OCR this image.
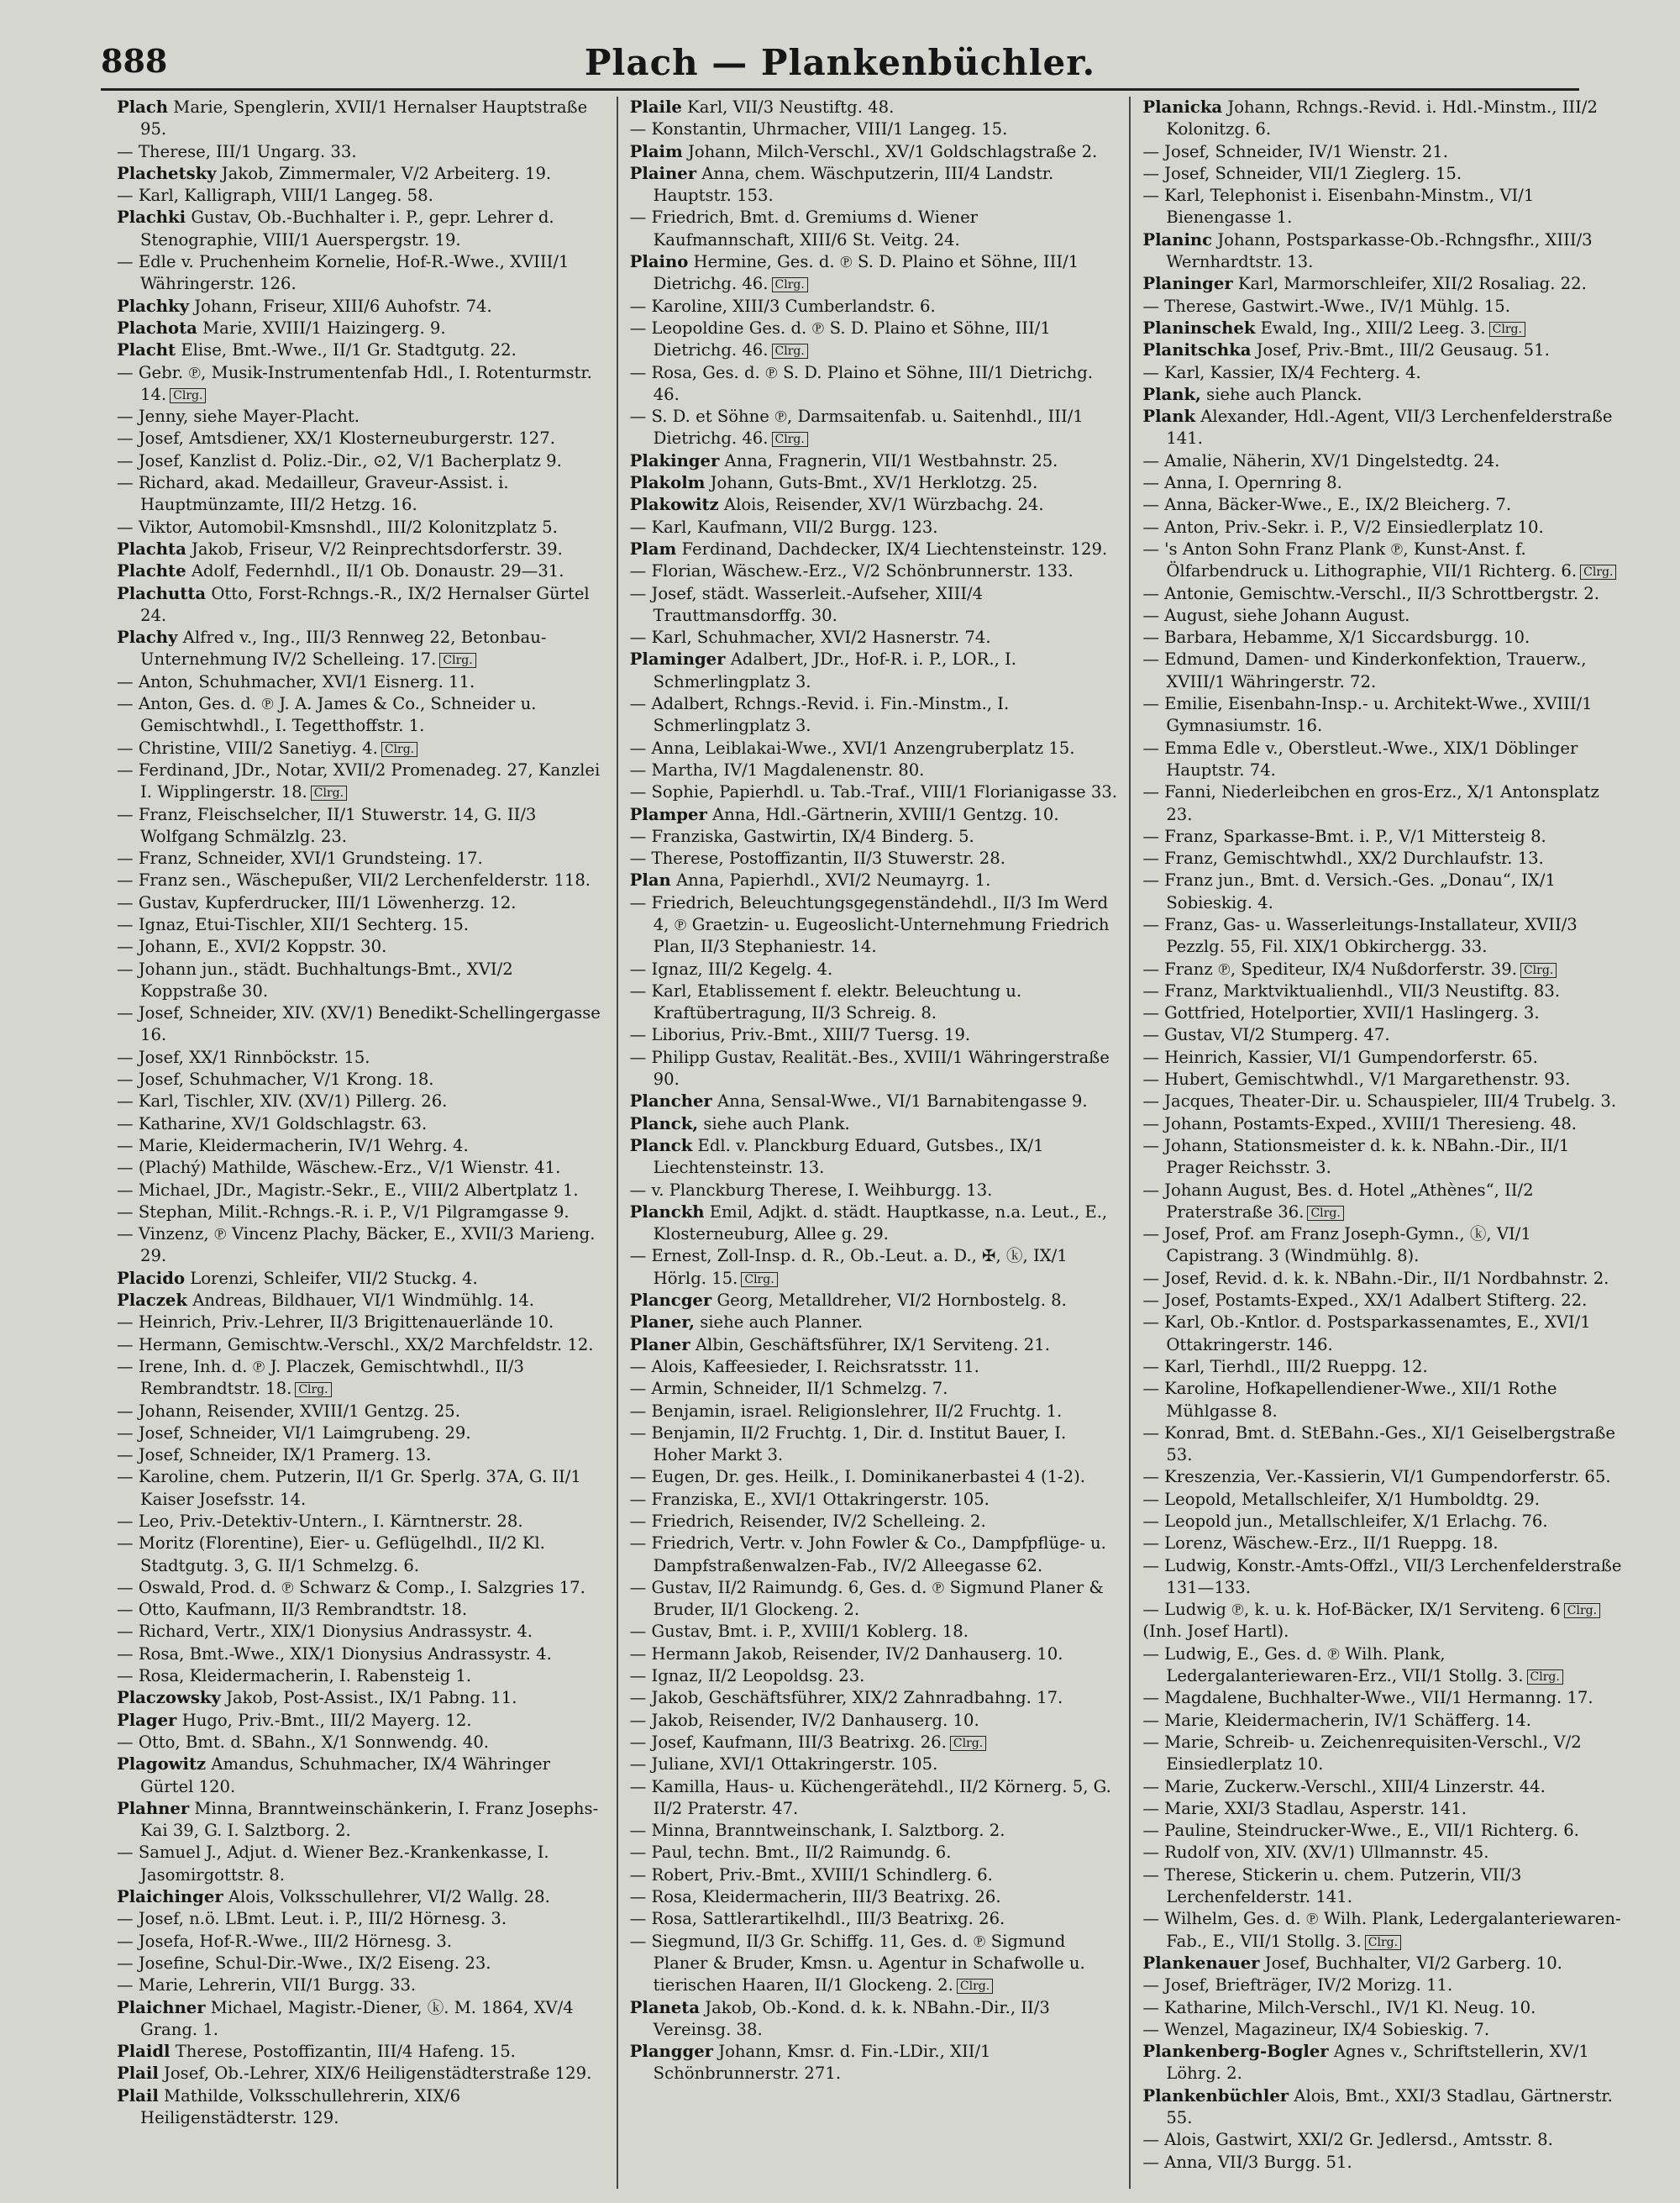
888	Plach — Plankenbüchler.

Plach Marie, Spenglerin, XVII/1 Hernalser Hauptstraße 95.

— Therese, III/1 Ungarg. 33.

Plachetsky Jakob, Zimmermaler, V/2 Arbeiterg. 19.

— Karl, Kalligraph, VIII/1 Langeg. 58.

Plachki Gustav, Ob.-Buchhalter i. P., gepr. Lehrer d. Stenographie, VIII/1 Auerspergstr. 19.

— Edle v. Pruchenheim Kornelie, Hof-R.-Wwe., XVIII/1 Währingerstr. 126.

Plachky Johann, Friseur, XIII/6 Auhofstr. 74.

Plachota Marie, XVIII/1 Haizingerg. 9.

Placht Elise, Bmt.-Wwe., II/1 Gr. Stadtgutg. 22.

— Gebr. ℗, Musik-Instrumentenfab Hdl., I. Rotenturmstr. 14. Clrg.

— Jenny, siehe Mayer-Placht.

— Josef, Amtsdiener, XX/1 Klosterneuburgerstr. 127.

— Josef, Kanzlist d. Poliz.-Dir., ⊙2, V/1 Bacherplatz 9.

— Richard, akad. Medailleur, Graveur-Assist. i. Hauptmünzamte, III/2 Hetzg. 16.

— Viktor, Automobil-Kmsnshdl., III/2 Kolonitzplatz 5.

Plachta Jakob, Friseur, V/2 Reinprechtsdorferstr. 39.

Plachte Adolf, Federnhdl., II/1 Ob. Donaustr. 29—31.

Plachutta Otto, Forst-Rchngs.-R., IX/2 Hernalser Gürtel 24.

Plachy Alfred v., Ing., III/3 Rennweg 22, Betonbau-Unternehmung IV/2 Schelleing. 17. Clrg.

— Anton, Schuhmacher, XVI/1 Eisnerg. 11.

— Anton, Ges. d. ℗ J. A. James & Co., Schneider u. Gemischtwhdl., I. Tegetthoffstr. 1.

— Christine, VIII/2 Sanetiyg. 4. Clrg.

— Ferdinand, JDr., Notar, XVII/2 Promenadeg. 27, Kanzlei I. Wipplingerstr. 18. Clrg.

— Franz, Fleischselcher, II/1 Stuwerstr. 14, G. II/3 Wolfgang Schmälzlg. 23.

— Franz, Schneider, XVI/1 Grundsteing. 17.

— Franz sen., Wäschepußer, VII/2 Lerchenfelderstr. 118.

— Gustav, Kupferdrucker, III/1 Löwenherzg. 12.

— Ignaz, Etui-Tischler, XII/1 Sechterg. 15.

— Johann, E., XVI/2 Koppstr. 30.

— Johann jun., städt. Buchhaltungs-Bmt., XVI/2 Koppstraße 30.

— Josef, Schneider, XIV. (XV/1) Benedikt-Schellingergasse 16.

— Josef, XX/1 Rinnböckstr. 15.

— Josef, Schuhmacher, V/1 Krong. 18.

— Karl, Tischler, XIV. (XV/1) Pillerg. 26.

— Katharine, XV/1 Goldschlagstr. 63.

— Marie, Kleidermacherin, IV/1 Wehrg. 4.

— (Plachý) Mathilde, Wäschew.-Erz., V/1 Wienstr. 41.

— Michael, JDr., Magistr.-Sekr., E., VIII/2 Albertplatz 1.

— Stephan, Milit.-Rchngs.-R. i. P., V/1 Pilgramgasse 9.

— Vinzenz, ℗ Vincenz Plachy, Bäcker, E., XVII/3 Marieng. 29.

Placido Lorenzi, Schleifer, VII/2 Stuckg. 4.

Placzek Andreas, Bildhauer, VI/1 Windmühlg. 14.

— Heinrich, Priv.-Lehrer, II/3 Brigittenauerlände 10.

— Hermann, Gemischtw.-Verschl., XX/2 Marchfeldstr. 12.

— Irene, Inh. d. ℗ J. Placzek, Gemischtwhdl., II/3 Rembrandtstr. 18. Clrg.

— Johann, Reisender, XVIII/1 Gentzg. 25.

— Josef, Schneider, VI/1 Laimgrubeng. 29.

— Josef, Schneider, IX/1 Pramerg. 13.

— Karoline, chem. Putzerin, II/1 Gr. Sperlg. 37A, G. II/1 Kaiser Josefsstr. 14.

— Leo, Priv.-Detektiv-Untern., I. Kärntnerstr. 28.

— Moritz (Florentine), Eier- u. Geflügelhdl., II/2 Kl. Stadtgutg. 3, G. II/1 Schmelzg. 6.

— Oswald, Prod. d. ℗ Schwarz & Comp., I. Salzgries 17.

— Otto, Kaufmann, II/3 Rembrandtstr. 18.

— Richard, Vertr., XIX/1 Dionysius Andrassystr. 4.

— Rosa, Bmt.-Wwe., XIX/1 Dionysius Andrassystr. 4.

— Rosa, Kleidermacherin, I. Rabensteig 1.

Placzowsky Jakob, Post-Assist., IX/1 Pabng. 11.

Plager Hugo, Priv.-Bmt., III/2 Mayerg. 12.

— Otto, Bmt. d. SBahn., X/1 Sonnwendg. 40.

Plagowitz Amandus, Schuhmacher, IX/4 Währinger Gürtel 120.

Plahner Minna, Branntweinschänkerin, I. Franz Josephs-Kai 39, G. I. Salztborg. 2.

— Samuel J., Adjut. d. Wiener Bez.-Krankenkasse, I. Jasomirgottstr. 8.

Plaichinger Alois, Volksschullehrer, VI/2 Wallg. 28.

— Josef, n.ö. LBmt. Leut. i. P., III/2 Hörnesg. 3.

— Josefa, Hof-R.-Wwe., III/2 Hörnesg. 3.

— Josefine, Schul-Dir.-Wwe., IX/2 Eiseng. 23.

— Marie, Lehrerin, VII/1 Burgg. 33.

Plaichner Michael, Magistr.-Diener, ⓚ. M. 1864, XV/4 Grang. 1.

Plaidl Therese, Postoffizantin, III/4 Hafeng. 15.

Plail Josef, Ob.-Lehrer, XIX/6 Heiligenstädterstraße 129.

Plail Mathilde, Volksschullehrerin, XIX/6 Heiligenstädterstr. 129.

Plaile Karl, VII/3 Neustiftg. 48.

— Konstantin, Uhrmacher, VIII/1 Langeg. 15.

Plaim Johann, Milch-Verschl., XV/1 Goldschlagstraße 2.

Plainer Anna, chem. Wäschputzerin, III/4 Landstr. Hauptstr. 153.

— Friedrich, Bmt. d. Gremiums d. Wiener Kaufmannschaft, XIII/6 St. Veitg. 24.

Plaino Hermine, Ges. d. ℗ S. D. Plaino et Söhne, III/1 Dietrichg. 46. Clrg.

— Karoline, XIII/3 Cumberlandstr. 6.

— Leopoldine Ges. d. ℗ S. D. Plaino et Söhne, III/1 Dietrichg. 46. Clrg.

— Rosa, Ges. d. ℗ S. D. Plaino et Söhne, III/1 Dietrichg. 46.

— S. D. et Söhne ℗, Darmsaitenfab. u. Saitenhdl., III/1 Dietrichg. 46. Clrg.

Plakinger Anna, Fragnerin, VII/1 Westbahnstr. 25.

Plakolm Johann, Guts-Bmt., XV/1 Herklotzg. 25.

Plakowitz Alois, Reisender, XV/1 Würzbachg. 24.

— Karl, Kaufmann, VII/2 Burgg. 123.

Plam Ferdinand, Dachdecker, IX/4 Liechtensteinstr. 129.

— Florian, Wäschew.-Erz., V/2 Schönbrunnerstr. 133.

— Josef, städt. Wasserleit.-Aufseher, XIII/4 Trauttmansdorffg. 30.

— Karl, Schuhmacher, XVI/2 Hasnerstr. 74.

Plaminger Adalbert, JDr., Hof-R. i. P., LOR., I. Schmerlingplatz 3.

— Adalbert, Rchngs.-Revid. i. Fin.-Minstm., I. Schmerlingplatz 3.

— Anna, Leiblakai-Wwe., XVI/1 Anzengruberplatz 15.

— Martha, IV/1 Magdalenenstr. 80.

— Sophie, Papierhdl. u. Tab.-Traf., VIII/1 Florianigasse 33.

Plamper Anna, Hdl.-Gärtnerin, XVIII/1 Gentzg. 10.

— Franziska, Gastwirtin, IX/4 Binderg. 5.

— Therese, Postoffizantin, II/3 Stuwerstr. 28.

Plan Anna, Papierhdl., XVI/2 Neumayrg. 1.

— Friedrich, Beleuchtungsgegenständehdl., II/3 Im Werd 4, ℗ Graetzin- u. Eugeoslicht-Unternehmung Friedrich Plan, II/3 Stephaniestr. 14.

— Ignaz, III/2 Kegelg. 4.

— Karl, Etablissement f. elektr. Beleuchtung u. Kraftübertragung, II/3 Schreig. 8.

— Liborius, Priv.-Bmt., XIII/7 Tuersg. 19.

— Philipp Gustav, Realität.-Bes., XVIII/1 Währingerstraße 90.

Plancher Anna, Sensal-Wwe., VI/1 Barnabitengasse 9.

Planck, siehe auch Plank.

Planck Edl. v. Planckburg Eduard, Gutsbes., IX/1 Liechtensteinstr. 13.

— v. Planckburg Therese, I. Weihburgg. 13.

Planckh Emil, Adjkt. d. städt. Hauptkasse, n.a. Leut., E., Klosterneuburg, Allee g. 29.

— Ernest, Zoll-Insp. d. R., Ob.-Leut. a. D., ✠, ⓚ, IX/1 Hörlg. 15. Clrg.

Plancger Georg, Metalldreher, VI/2 Hornbostelg. 8.

Planer, siehe auch Planner.

Planer Albin, Geschäftsführer, IX/1 Serviteng. 21.

— Alois, Kaffeesieder, I. Reichsratsstr. 11.

— Armin, Schneider, II/1 Schmelzg. 7.

— Benjamin, israel. Religionslehrer, II/2 Fruchtg. 1.

— Benjamin, II/2 Fruchtg. 1, Dir. d. Institut Bauer, I. Hoher Markt 3.

— Eugen, Dr. ges. Heilk., I. Dominikanerbastei 4 (1-2).

— Franziska, E., XVI/1 Ottakringerstr. 105.

— Friedrich, Reisender, IV/2 Schelleing. 2.

— Friedrich, Vertr. v. John Fowler & Co., Dampfpflüge- u. Dampfstraßenwalzen-Fab., IV/2 Alleegasse 62.

— Gustav, II/2 Raimundg. 6, Ges. d. ℗ Sigmund Planer & Bruder, II/1 Glockeng. 2.

— Gustav, Bmt. i. P., XVIII/1 Koblerg. 18.

— Hermann Jakob, Reisender, IV/2 Danhauserg. 10.

— Ignaz, II/2 Leopoldsg. 23.

— Jakob, Geschäftsführer, XIX/2 Zahnradbahng. 17.

— Jakob, Reisender, IV/2 Danhauserg. 10.

— Josef, Kaufmann, III/3 Beatrixg. 26. Clrg.

— Juliane, XVI/1 Ottakringerstr. 105.

— Kamilla, Haus- u. Küchengerätehdl., II/2 Körnerg. 5, G. II/2 Praterstr. 47.

— Minna, Branntweinschank, I. Salztborg. 2.

— Paul, techn. Bmt., II/2 Raimundg. 6.

— Robert, Priv.-Bmt., XVIII/1 Schindlerg. 6.

— Rosa, Kleidermacherin, III/3 Beatrixg. 26.

— Rosa, Sattlerartikelhdl., III/3 Beatrixg. 26.

— Siegmund, II/3 Gr. Schiffg. 11, Ges. d. ℗ Sigmund Planer & Bruder, Kmsn. u. Agentur in Schafwolle u. tierischen Haaren, II/1 Glockeng. 2. Clrg.

Planeta Jakob, Ob.-Kond. d. k. k. NBahn.-Dir., II/3 Vereinsg. 38.

Plangger Johann, Kmsr. d. Fin.-LDir., XII/1 Schönbrunnerstr. 271.

Planicka Johann, Rchngs.-Revid. i. Hdl.-Minstm., III/2 Kolonitzg. 6.

— Josef, Schneider, IV/1 Wienstr. 21.

— Josef, Schneider, VII/1 Zieglerg. 15.

— Karl, Telephonist i. Eisenbahn-Minstm., VI/1 Bienengasse 1.

Planinc Johann, Postsparkasse-Ob.-Rchngsfhr., XIII/3 Wernhardtstr. 13.

Planinger Karl, Marmorschleifer, XII/2 Rosaliag. 22.

— Therese, Gastwirt.-Wwe., IV/1 Mühlg. 15.

Planinschek Ewald, Ing., XIII/2 Leeg. 3. Clrg.

Planitschka Josef, Priv.-Bmt., III/2 Geusaug. 51.

— Karl, Kassier, IX/4 Fechterg. 4.

Plank, siehe auch Planck.

Plank Alexander, Hdl.-Agent, VII/3 Lerchenfelderstraße 141.

— Amalie, Näherin, XV/1 Dingelstedtg. 24.

— Anna, I. Opernring 8.

— Anna, Bäcker-Wwe., E., IX/2 Bleicherg. 7.

— Anton, Priv.-Sekr. i. P., V/2 Einsiedlerplatz 10.

— 's Anton Sohn Franz Plank ℗, Kunst-Anst. f. Ölfarbendruck u. Lithographie, VII/1 Richterg. 6. Clrg.

— Antonie, Gemischtw.-Verschl., II/3 Schrottbergstr. 2.

— August, siehe Johann August.

— Barbara, Hebamme, X/1 Siccardsburgg. 10.

— Edmund, Damen- und Kinderkonfektion, Trauerw., XVIII/1 Währingerstr. 72.

— Emilie, Eisenbahn-Insp.- u. Architekt-Wwe., XVIII/1 Gymnasiumstr. 16.

— Emma Edle v., Oberstleut.-Wwe., XIX/1 Döblinger Hauptstr. 74.

— Fanni, Niederleibchen en gros-Erz., X/1 Antonsplatz 23.

— Franz, Sparkasse-Bmt. i. P., V/1 Mittersteig 8.

— Franz, Gemischtwhdl., XX/2 Durchlaufstr. 13.

— Franz jun., Bmt. d. Versich.-Ges. „Donau“, IX/1 Sobieskig. 4.

— Franz, Gas- u. Wasserleitungs-Installateur, XVII/3 Pezzlg. 55, Fil. XIX/1 Obkirchergg. 33.

— Franz ℗, Spediteur, IX/4 Nußdorferstr. 39. Clrg.

— Franz, Marktviktualienhdl., VII/3 Neustiftg. 83.

— Gottfried, Hotelportier, XVII/1 Haslingerg. 3.

— Gustav, VI/2 Stumperg. 47.

— Heinrich, Kassier, VI/1 Gumpendorferstr. 65.

— Hubert, Gemischtwhdl., V/1 Margarethenstr. 93.

— Jacques, Theater-Dir. u. Schauspieler, III/4 Trubelg. 3.

— Johann, Postamts-Exped., XVIII/1 Theresieng. 48.

— Johann, Stationsmeister d. k. k. NBahn.-Dir., II/1 Prager Reichsstr. 3.

— Johann August, Bes. d. Hotel „Athènes“, II/2 Praterstraße 36. Clrg.

— Josef, Prof. am Franz Joseph-Gymn., ⓚ, VI/1 Capistrang. 3 (Windmühlg. 8).

— Josef, Revid. d. k. k. NBahn.-Dir., II/1 Nordbahnstr. 2.

— Josef, Postamts-Exped., XX/1 Adalbert Stifterg. 22.

— Karl, Ob.-Kntlor. d. Postsparkassenamtes, E., XVI/1 Ottakringerstr. 146.

— Karl, Tierhdl., III/2 Rueppg. 12.

— Karoline, Hofkapellendiener-Wwe., XII/1 Rothe Mühlgasse 8.

— Konrad, Bmt. d. StEBahn.-Ges., XI/1 Geiselbergstraße 53.

— Kreszenzia, Ver.-Kassierin, VI/1 Gumpendorferstr. 65.

— Leopold, Metallschleifer, X/1 Humboldtg. 29.

— Leopold jun., Metallschleifer, X/1 Erlachg. 76.

— Lorenz, Wäschew.-Erz., II/1 Rueppg. 18.

— Ludwig, Konstr.-Amts-Offzl., VII/3 Lerchenfelderstraße 131—133.

— Ludwig ℗, k. u. k. Hof-Bäcker, IX/1 Serviteng. 6 Clrg.

(Inh. Josef Hartl).

— Ludwig, E., Ges. d. ℗ Wilh. Plank, Ledergalanteriewaren-Erz., VII/1 Stollg. 3. Clrg.

— Magdalene, Buchhalter-Wwe., VII/1 Hermanng. 17.

— Marie, Kleidermacherin, IV/1 Schäfferg. 14.

— Marie, Schreib- u. Zeichenrequisiten-Verschl., V/2 Einsiedlerplatz 10.

— Marie, Zuckerw.-Verschl., XIII/4 Linzerstr. 44.

— Marie, XXI/3 Stadlau, Asperstr. 141.

— Pauline, Steindrucker-Wwe., E., VII/1 Richterg. 6.

— Rudolf von, XIV. (XV/1) Ullmannstr. 45.

— Therese, Stickerin u. chem. Putzerin, VII/3 Lerchenfelderstr. 141.

— Wilhelm, Ges. d. ℗ Wilh. Plank, Ledergalanteriewaren-Fab., E., VII/1 Stollg. 3. Clrg.

Plankenauer Josef, Buchhalter, VI/2 Garberg. 10.

— Josef, Briefträger, IV/2 Morizg. 11.

— Katharine, Milch-Verschl., IV/1 Kl. Neug. 10.

— Wenzel, Magazineur, IX/4 Sobieskig. 7.

Plankenberg-Bogler Agnes v., Schriftstellerin, XV/1 Löhrg. 2.

Plankenbüchler Alois, Bmt., XXI/3 Stadlau, Gärtnerstr. 55.

— Alois, Gastwirt, XXI/2 Gr. Jedlersd., Amtsstr. 8.

— Anna, VII/3 Burgg. 51.
